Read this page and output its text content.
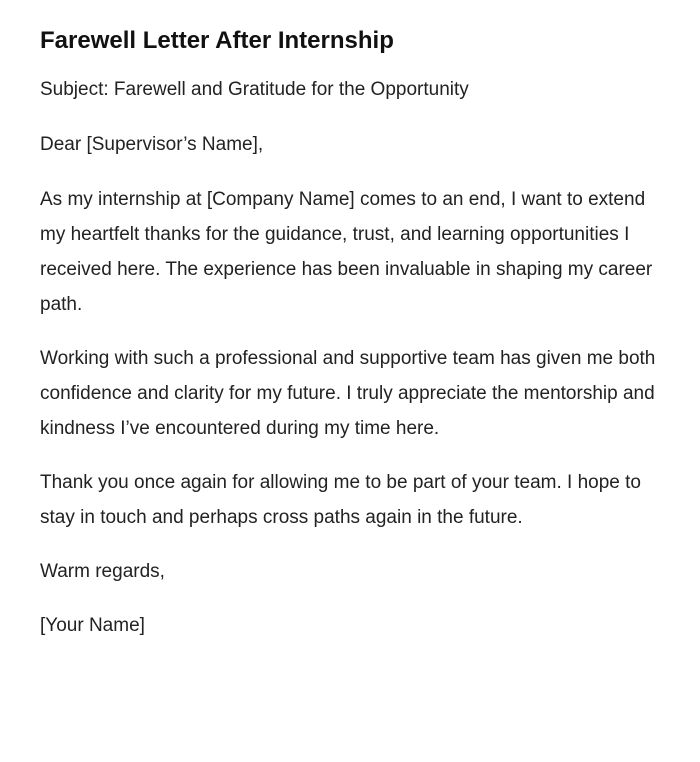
Farewell Letter After Internship

Subject: Farewell and Gratitude for the Opportunity

Dear [Supervisor’s Name],

As my internship at [Company Name] comes to an end, I want to extend my heartfelt thanks for the guidance, trust, and learning opportunities I received here. The experience has been invaluable in shaping my career path.

Working with such a professional and supportive team has given me both confidence and clarity for my future. I truly appreciate the mentorship and kindness I’ve encountered during my time here.

Thank you once again for allowing me to be part of your team. I hope to stay in touch and perhaps cross paths again in the future.

Warm regards,

[Your Name]
